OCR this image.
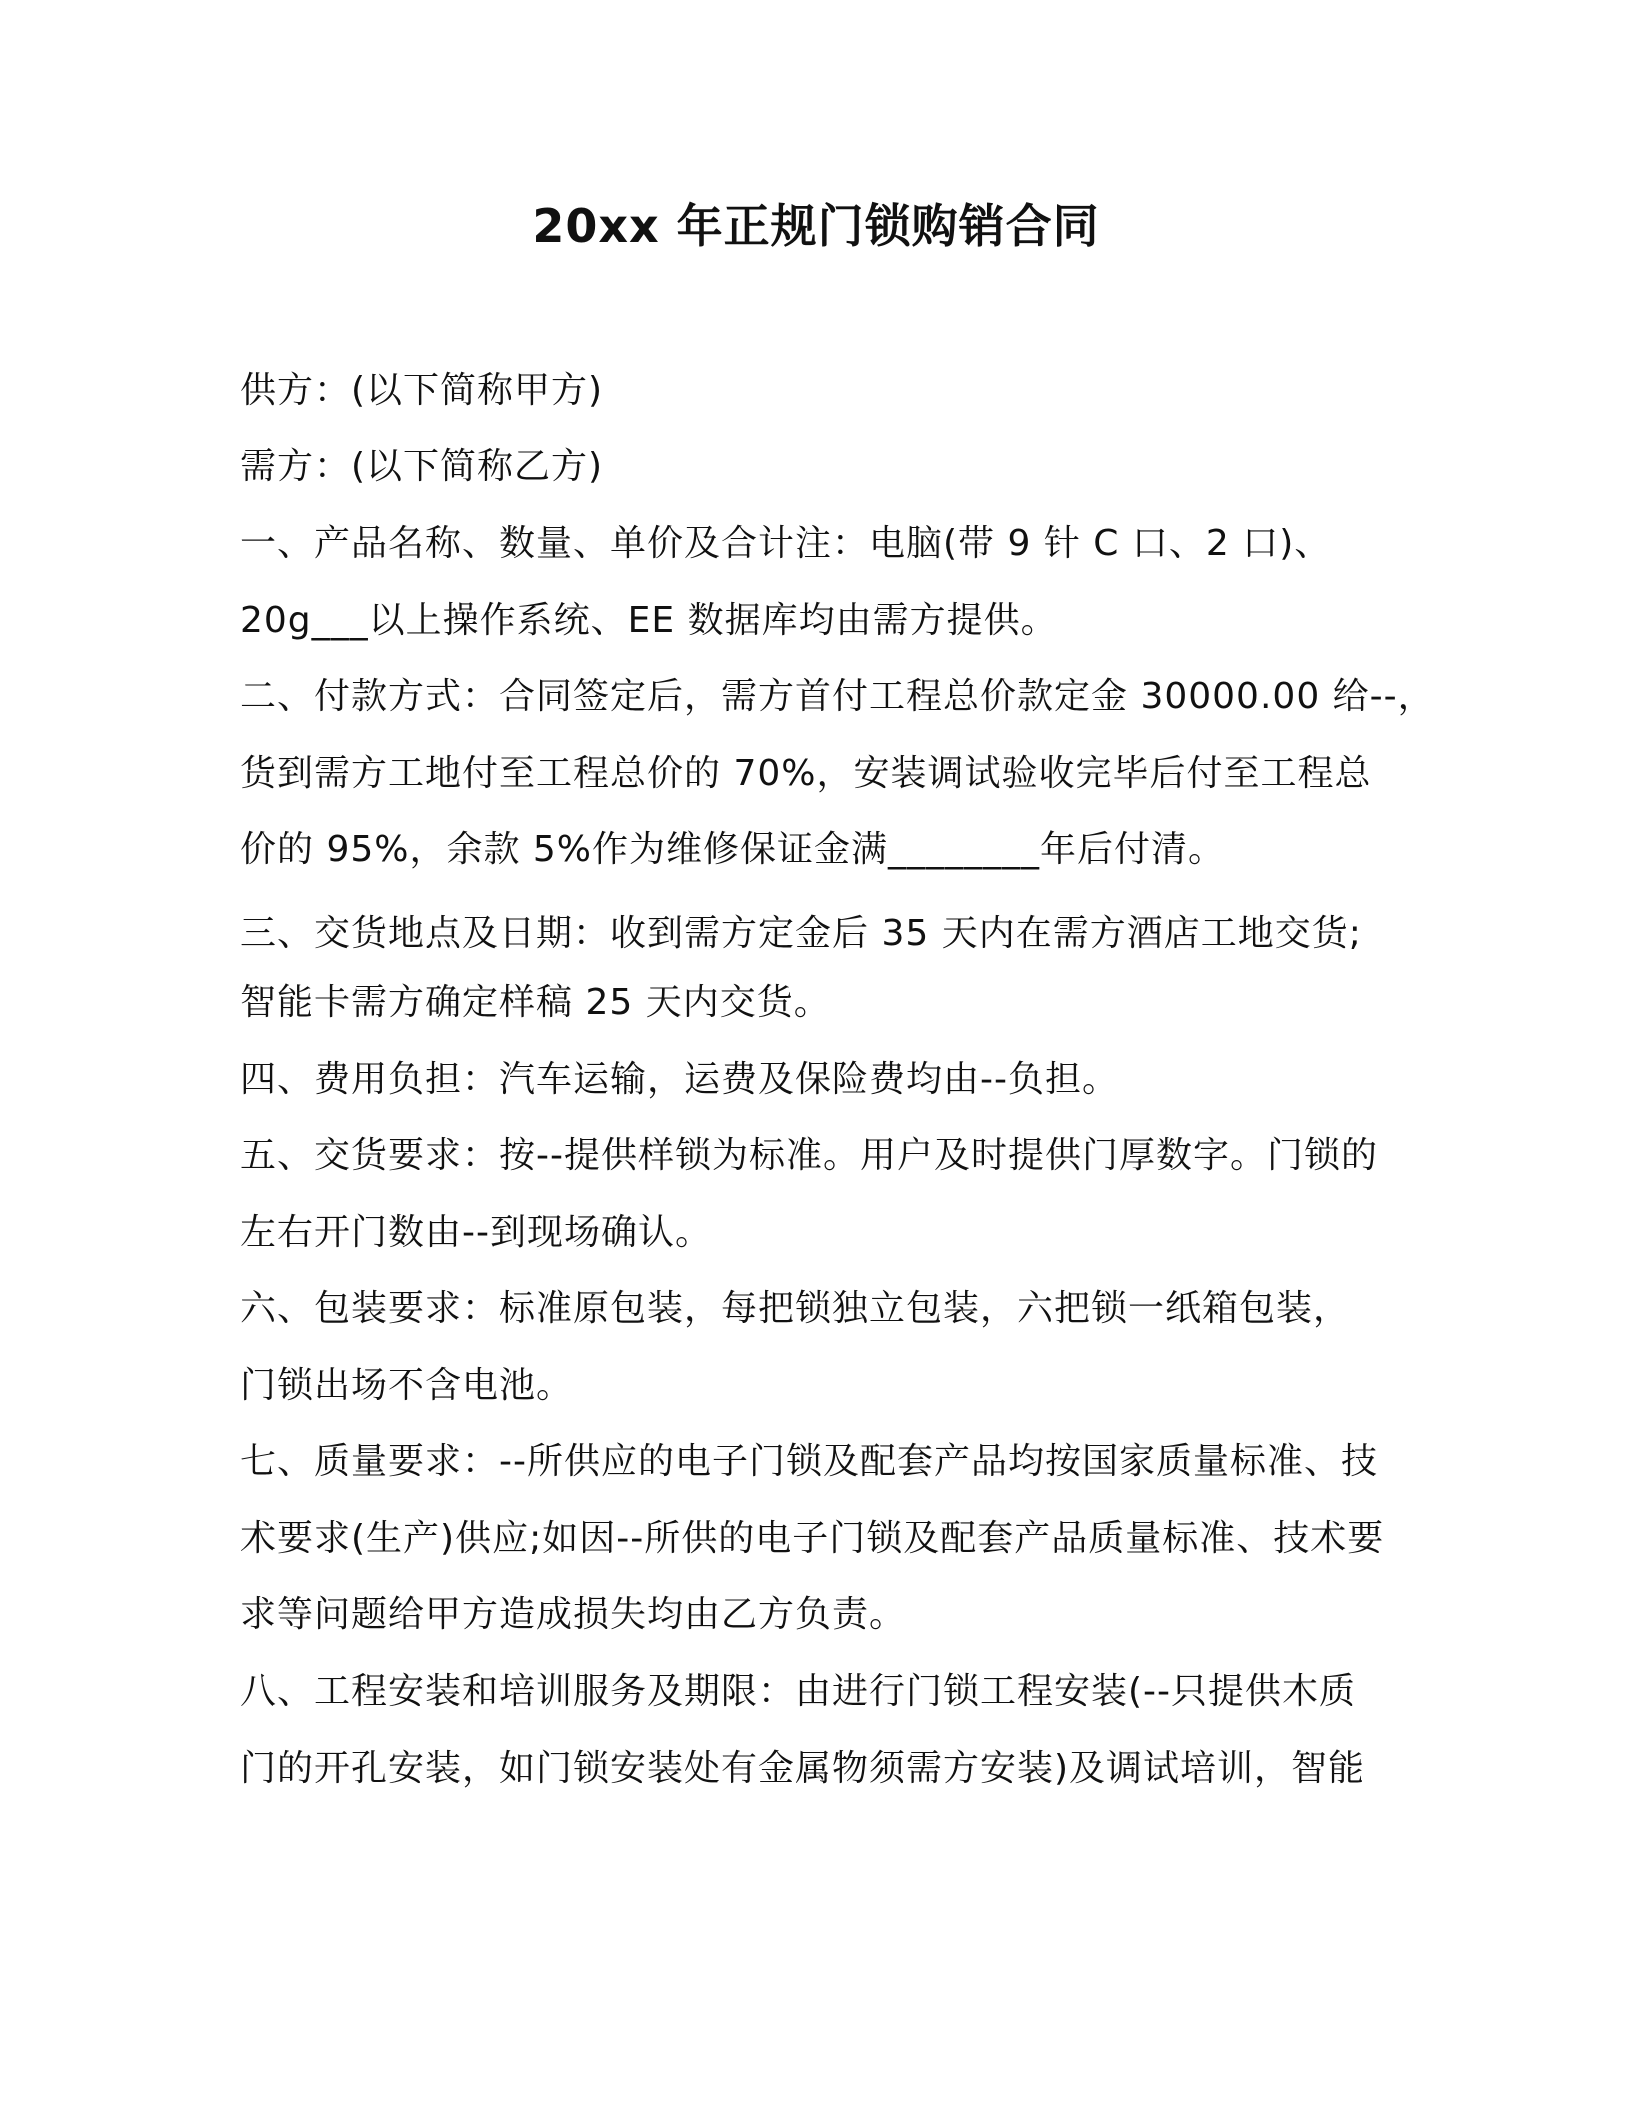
20xx 年正规门锁购销合同
供方：(以下简称甲方)
需方：(以下简称乙方)
一、产品名称、数量、单价及合计注：电脑(带 9 针 C 口、2 口)、
20g___以上操作系统、EE 数据库均由需方提供。
二、付款方式：合同签定后，需方首付工程总价款定金 30000.00 给--，
货到需方工地付至工程总价的 70%，安装调试验收完毕后付至工程总
价的 95%，余款 5%作为维修保证金满________年后付清。
三、交货地点及日期：收到需方定金后 35 天内在需方酒店工地交货;
智能卡需方确定样稿 25 天内交货。
四、费用负担：汽车运输，运费及保险费均由--负担。
五、交货要求：按--提供样锁为标准。用户及时提供门厚数字。门锁的
左右开门数由--到现场确认。
六、包装要求：标准原包装，每把锁独立包装，六把锁一纸箱包装，
门锁出场不含电池。
七、质量要求：--所供应的电子门锁及配套产品均按国家质量标准、技
术要求(生产)供应;如因--所供的电子门锁及配套产品质量标准、技术要
求等问题给甲方造成损失均由乙方负责。
八、工程安装和培训服务及期限：由进行门锁工程安装(--只提供木质
门的开孔安装，如门锁安装处有金属物须需方安装)及调试培训，智能
